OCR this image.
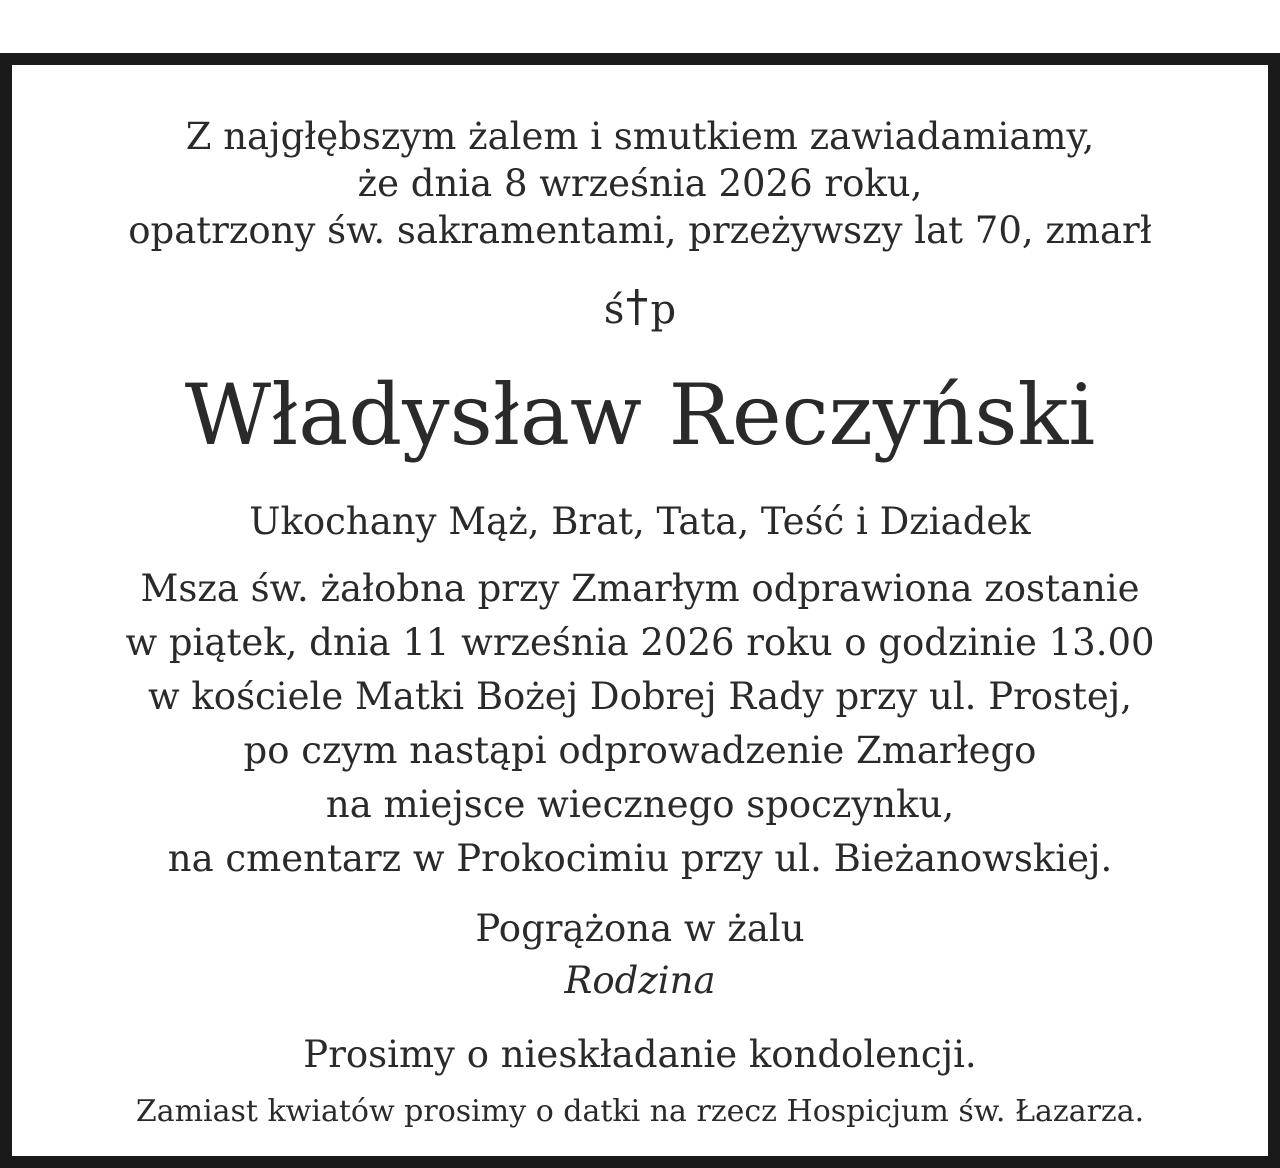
Z najgłębszym żalem i smutkiem zawiadamiamy,
że dnia 8 września 2026 roku,
opatrzony św. sakramentami, przeżywszy lat 70, zmarł
ś p
Władysław Reczyński
Ukochany Mąż, Brat, Tata, Teść i Dziadek
Msza św. żałobna przy Zmarłym odprawiona zostanie
w piątek, dnia 11 września 2026 roku o godzinie 13.00
w kościele Matki Bożej Dobrej Rady przy ul. Prostej,
po czym nastąpi odprowadzenie Zmarłego
na miejsce wiecznego spoczynku,
na cmentarz w Prokocimiu przy ul. Bieżanowskiej.
Pogrążona w żalu
Rodzina
Prosimy o nieskładanie kondolencji.
Zamiast kwiatów prosimy o datki na rzecz Hospicjum św. Łazarza.
